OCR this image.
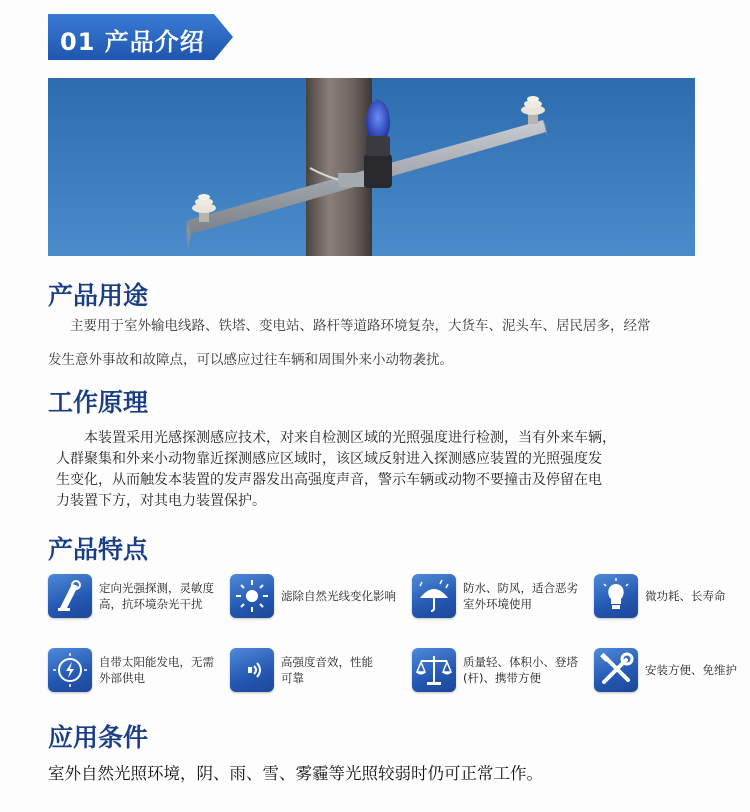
01 产品介绍
产品用途
主要用于室外输电线路、铁塔、变电站、路杆等道路环境复杂，大货车、泥头车、居民居多，经常
发生意外事故和故障点，可以感应过往车辆和周围外来小动物袭扰。
工作原理
　　本装置采用光感探测感应技术，对来自检测区域的光照强度进行检测，当有外来车辆，
人群聚集和外来小动物靠近探测感应区域时，该区域反射进入探测感应装置的光照强度发
生变化，从而触发本装置的发声器发出高强度声音，警示车辆或动物不要撞击及停留在电
力装置下方，对其电力装置保护。
产品特点
定向光强探测，灵敏度
高，抗环境杂光干扰
滤除自然光线变化影响
防水、防风，适合恶劣
室外环境使用
微功耗、长寿命
自带太阳能发电，无需
外部供电
高强度音效，性能
可靠
质量轻、体积小、登塔
(杆)、携带方便
安装方便、免维护
应用条件
室外自然光照环境，阴、雨、雪、雾霾等光照较弱时仍可正常工作。
